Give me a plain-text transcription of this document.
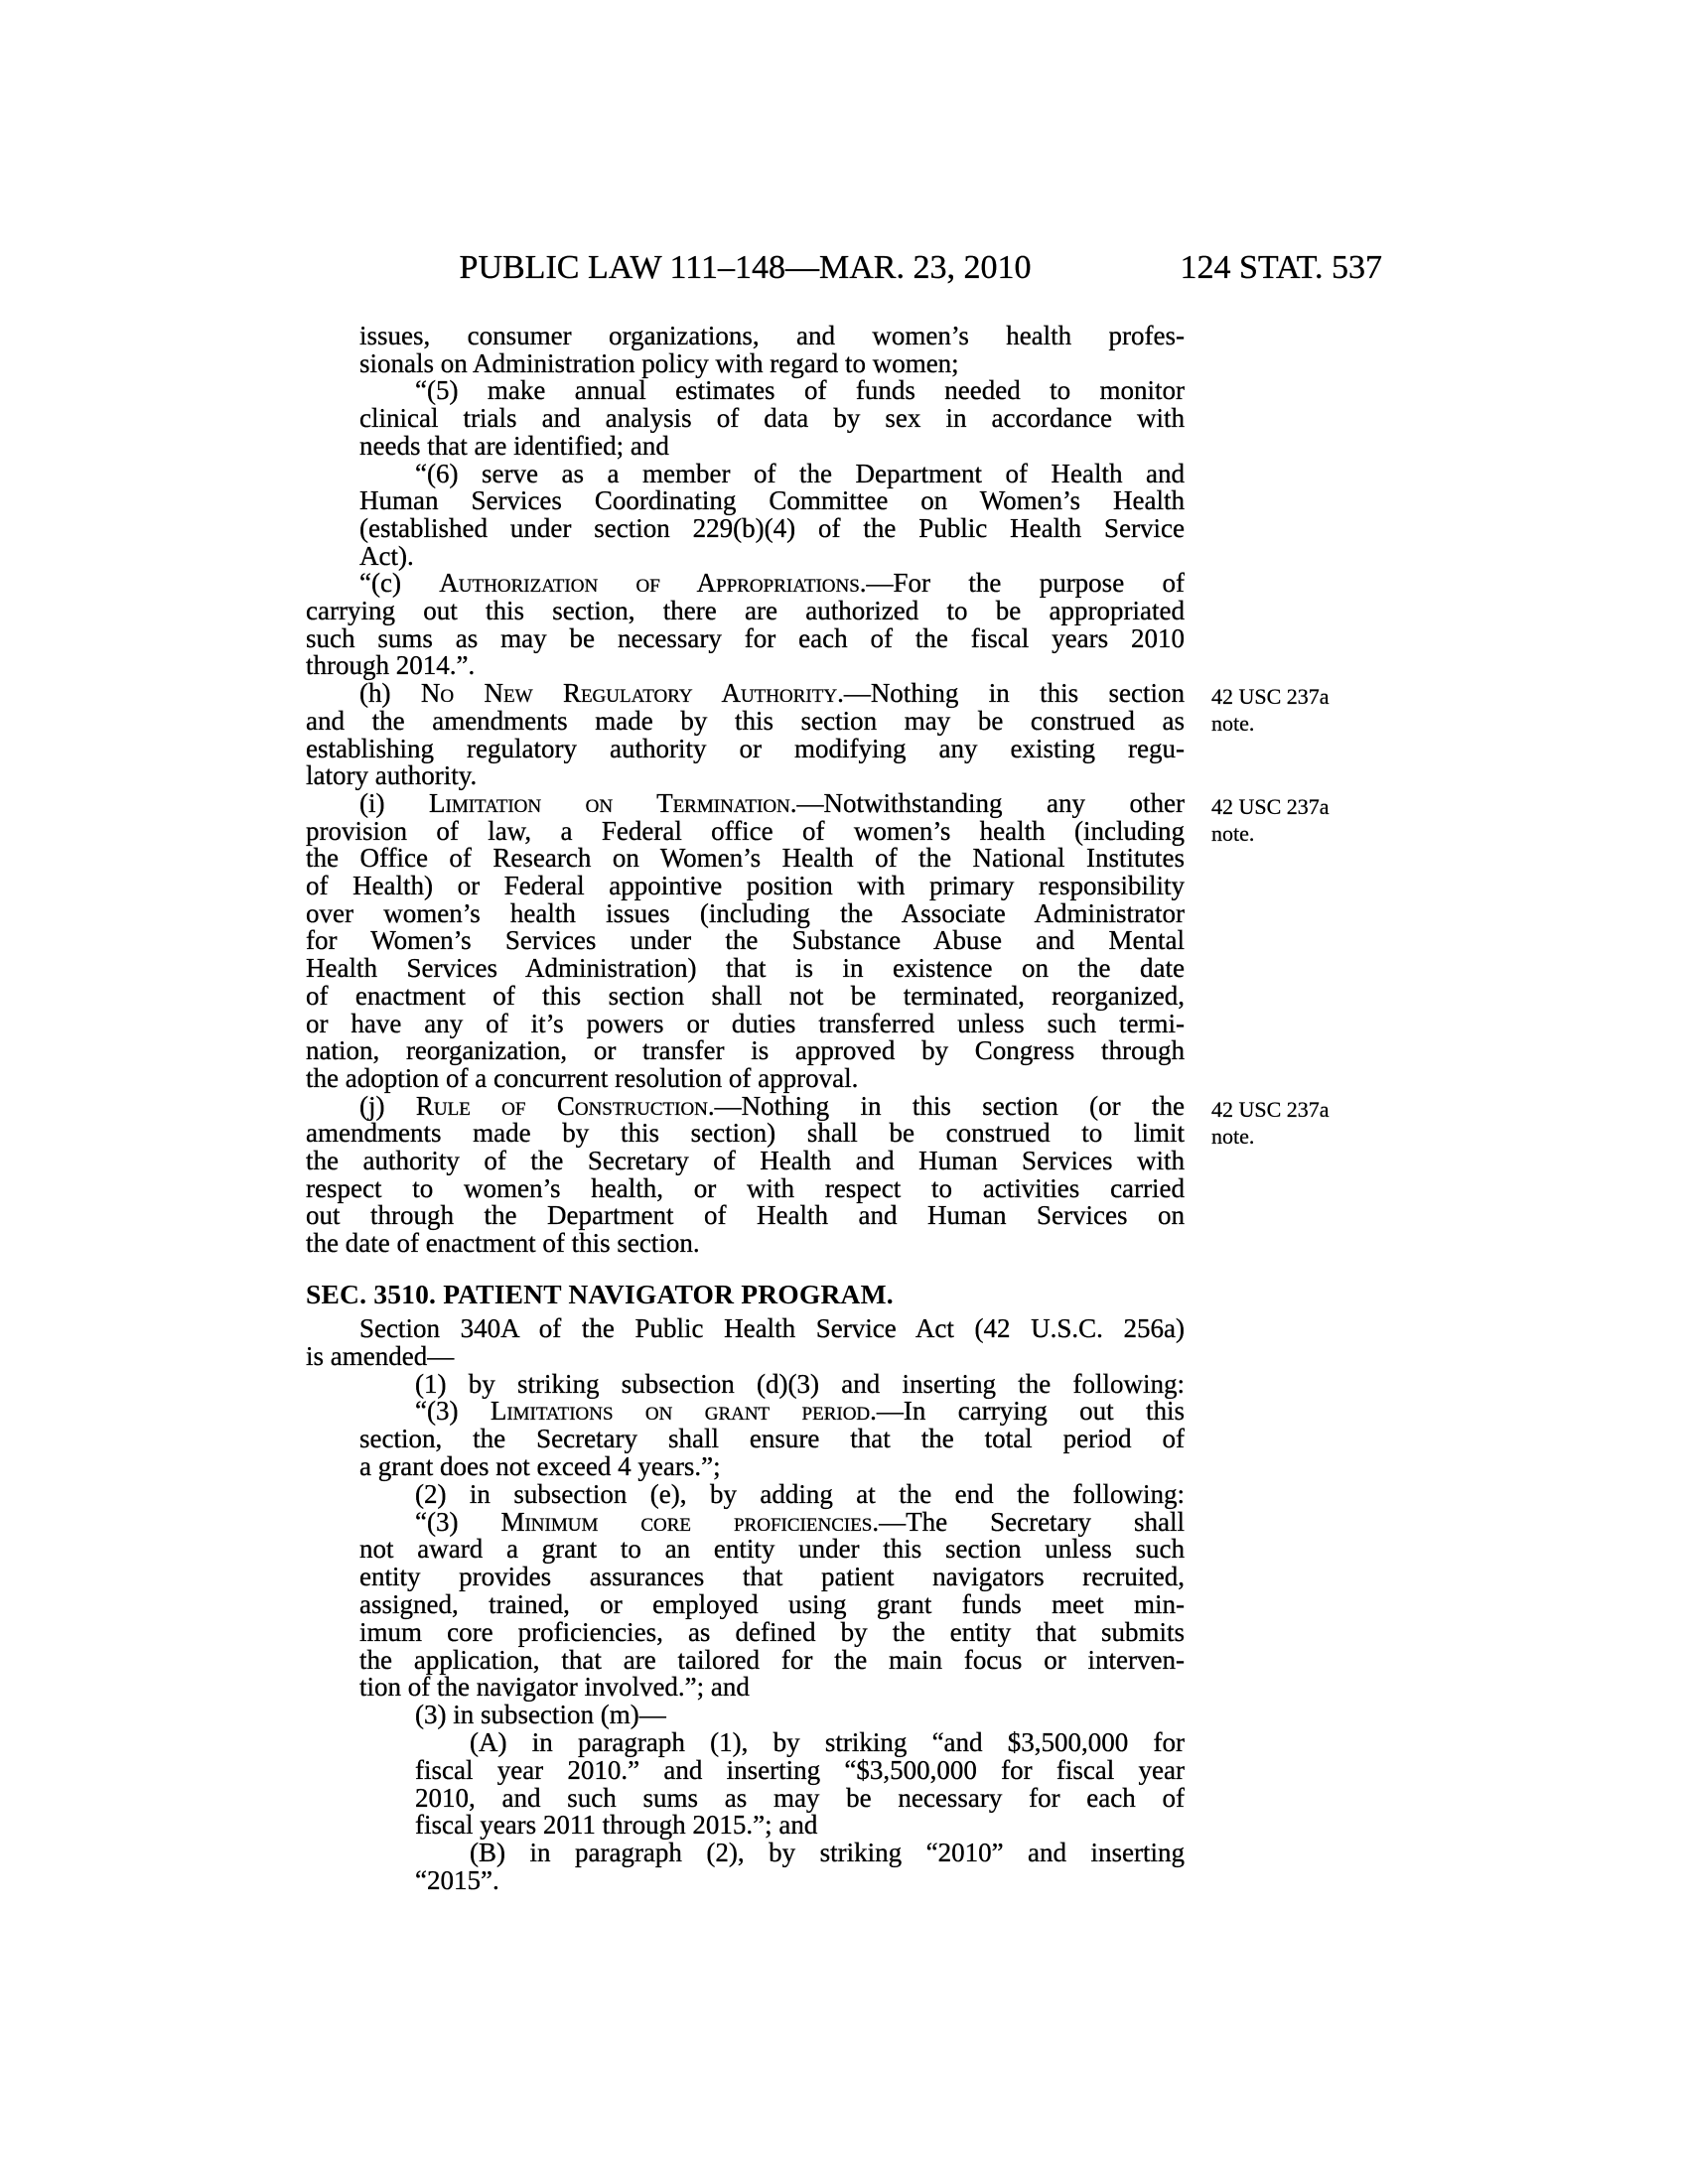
PUBLIC LAW 111–148—MAR. 23, 2010	124 STAT. 537
SEC. 3510. PATIENT NAVIGATOR PROGRAM.
issues, consumer organizations, and women’s health profes-
sionals on Administration policy with regard to women;
“(5) make annual estimates of funds needed to monitor
clinical trials and analysis of data by sex in accordance with
needs that are identified; and
“(6) serve as a member of the Department of Health and
Human Services Coordinating Committee on Women’s Health
(established under section 229(b)(4) of the Public Health Service
Act).
“(c) Authorization of Appropriations.—For the purpose of
carrying out this section, there are authorized to be appropriated
such sums as may be necessary for each of the fiscal years 2010
through 2014.”.
(h) No New Regulatory Authority.—Nothing in this section
and the amendments made by this section may be construed as
establishing regulatory authority or modifying any existing regu-
latory authority.
(i) Limitation on Termination.—Notwithstanding any other
provision of law, a Federal office of women’s health (including
the Office of Research on Women’s Health of the National Institutes
of Health) or Federal appointive position with primary responsibility
over women’s health issues (including the Associate Administrator
for Women’s Services under the Substance Abuse and Mental
Health Services Administration) that is in existence on the date
of enactment of this section shall not be terminated, reorganized,
or have any of it’s powers or duties transferred unless such termi-
nation, reorganization, or transfer is approved by Congress through
the adoption of a concurrent resolution of approval.
(j) Rule of Construction.—Nothing in this section (or the
amendments made by this section) shall be construed to limit
the authority of the Secretary of Health and Human Services with
respect to women’s health, or with respect to activities carried
out through the Department of Health and Human Services on
the date of enactment of this section.
Section 340A of the Public Health Service Act (42 U.S.C. 256a)
is amended—
(1) by striking subsection (d)(3) and inserting the following:
“(3) Limitations on grant period.—In carrying out this
section, the Secretary shall ensure that the total period of
a grant does not exceed 4 years.”;
(2) in subsection (e), by adding at the end the following:
“(3) Minimum core proficiencies.—The Secretary shall
not award a grant to an entity under this section unless such
entity provides assurances that patient navigators recruited,
assigned, trained, or employed using grant funds meet min-
imum core proficiencies, as defined by the entity that submits
the application, that are tailored for the main focus or interven-
tion of the navigator involved.”; and
(3) in subsection (m)—
(A) in paragraph (1), by striking “and $3,500,000 for
fiscal year 2010.” and inserting “$3,500,000 for fiscal year
2010, and such sums as may be necessary for each of
fiscal years 2011 through 2015.”; and
(B) in paragraph (2), by striking “2010” and inserting
“2015”.
42 USC 237a
note.
42 USC 237a
note.
42 USC 237a
note.
